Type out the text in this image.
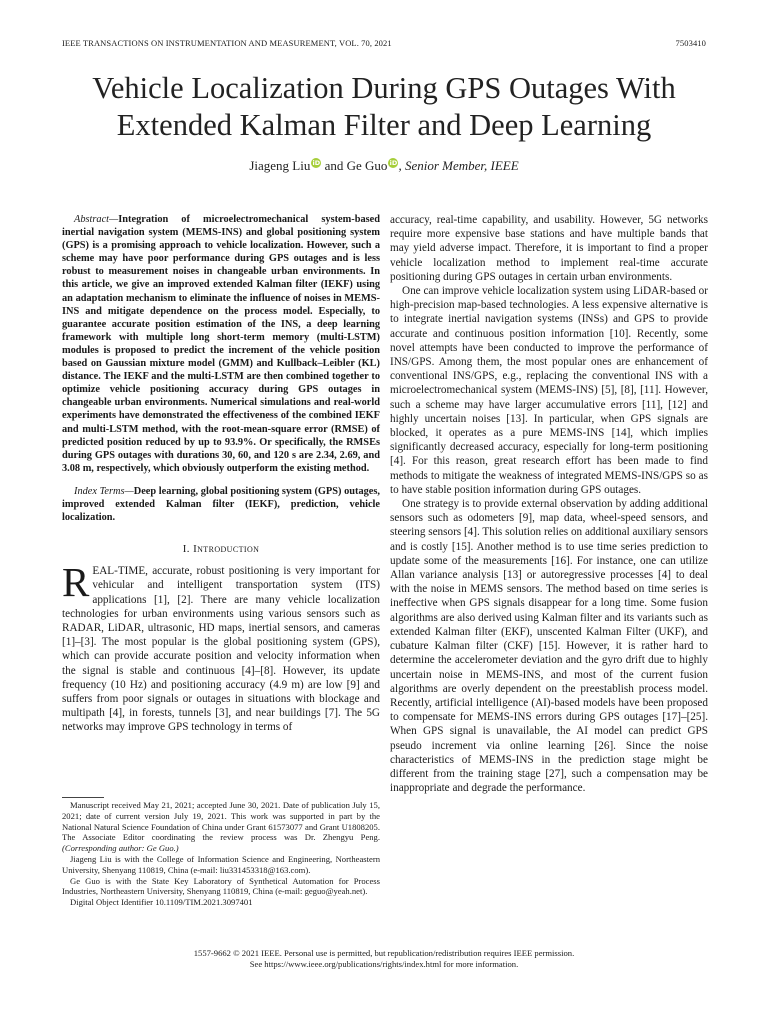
IEEE TRANSACTIONS ON INSTRUMENTATION AND MEASUREMENT, VOL. 70, 2021	7503410
Vehicle Localization During GPS Outages With Extended Kalman Filter and Deep Learning
Jiageng Liu iD and Ge Guo iD, Senior Member, IEEE

Abstract—Integration of microelectromechanical system-based inertial navigation system (MEMS-INS) and global positioning system (GPS) is a promising approach to vehicle localization. However, such a scheme may have poor performance during GPS outages and is less robust to measurement noises in changeable urban environments. In this article, we give an improved extended Kalman filter (IEKF) using an adaptation mechanism to eliminate the influence of noises in MEMS-INS and mitigate dependence on the process model. Especially, to guarantee accurate position estimation of the INS, a deep learning framework with multiple long short-term memory (multi-LSTM) modules is proposed to predict the increment of the vehicle position based on Gaussian mixture model (GMM) and Kullback–Leibler (KL) distance. The IEKF and the multi-LSTM are then combined together to optimize vehicle positioning accuracy during GPS outages in changeable urban environments. Numerical simulations and real-world experiments have demonstrated the effectiveness of the combined IEKF and multi-LSTM method, with the root-mean-square error (RMSE) of predicted position reduced by up to 93.9%. Or specifically, the RMSEs during GPS outages with durations 30, 60, and 120 s are 2.34, 2.69, and 3.08 m, respectively, which obviously outperform the existing method.

Index Terms—Deep learning, global positioning system (GPS) outages, improved extended Kalman filter (IEKF), prediction, vehicle localization.

I. Introduction

REAL-TIME, accurate, robust positioning is very important for vehicular and intelligent transportation system (ITS) applications [1], [2]. There are many vehicle localization technologies for urban environments using various sensors such as RADAR, LiDAR, ultrasonic, HD maps, inertial sensors, and cameras [1]–[3]. The most popular is the global positioning system (GPS), which can provide accurate position and velocity information when the signal is stable and continuous [4]–[8]. However, its update frequency (10 Hz) and positioning accuracy (4.9 m) are low [9] and suffers from poor signals or outages in situations with blockage and multipath [4], in forests, tunnels [3], and near buildings [7]. The 5G networks may improve GPS technology in terms of

Manuscript received May 21, 2021; accepted June 30, 2021. Date of publication July 15, 2021; date of current version July 19, 2021. This work was supported in part by the National Natural Science Foundation of China under Grant 61573077 and Grant U1808205. The Associate Editor coordinating the review process was Dr. Zhengyu Peng. (Corresponding author: Ge Guo.)

Jiageng Liu is with the College of Information Science and Engineering, Northeastern University, Shenyang 110819, China (e-mail: liu331453318@163.com).

Ge Guo is with the State Key Laboratory of Synthetical Automation for Process Industries, Northeastern University, Shenyang 110819, China (e-mail: geguo@yeah.net).

Digital Object Identifier 10.1109/TIM.2021.3097401

accuracy, real-time capability, and usability. However, 5G networks require more expensive base stations and have multiple bands that may yield adverse impact. Therefore, it is important to find a proper vehicle localization method to implement real-time accurate positioning during GPS outages in certain urban environments.

One can improve vehicle localization system using LiDAR-based or high-precision map-based technologies. A less expensive alternative is to integrate inertial navigation systems (INSs) and GPS to provide accurate and continuous position information [10]. Recently, some novel attempts have been conducted to improve the performance of INS/GPS. Among them, the most popular ones are enhancement of conventional INS/GPS, e.g., replacing the conventional INS with a microelectromechanical system (MEMS-INS) [5], [8], [11]. However, such a scheme may have larger accumulative errors [11], [12] and highly uncertain noises [13]. In particular, when GPS signals are blocked, it operates as a pure MEMS-INS [14], which implies significantly decreased accuracy, especially for long-term positioning [4]. For this reason, great research effort has been made to find methods to mitigate the weakness of integrated MEMS-INS/GPS so as to have stable position information during GPS outages.

One strategy is to provide external observation by adding additional sensors such as odometers [9], map data, wheel-speed sensors, and steering sensors [4]. This solution relies on additional auxiliary sensors and is costly [15]. Another method is to use time series prediction to update some of the measurements [16]. For instance, one can utilize Allan variance analysis [13] or autoregressive processes [4] to deal with the noise in MEMS sensors. The method based on time series is ineffective when GPS signals disappear for a long time. Some fusion algorithms are also derived using Kalman filter and its variants such as extended Kalman filter (EKF), unscented Kalman Filter (UKF), and cubature Kalman filter (CKF) [15]. However, it is rather hard to determine the accelerometer deviation and the gyro drift due to highly uncertain noise in MEMS-INS, and most of the current fusion algorithms are overly dependent on the preestablish process model. Recently, artificial intelligence (AI)-based models have been proposed to compensate for MEMS-INS errors during GPS outages [17]–[25]. When GPS signal is unavailable, the AI model can predict GPS pseudo increment via online learning [26]. Since the noise characteristics of MEMS-INS in the prediction stage might be different from the training stage [27], such a compensation may be inappropriate and degrade the performance.

1557-9662 © 2021 IEEE. Personal use is permitted, but republication/redistribution requires IEEE permission.

See https://www.ieee.org/publications/rights/index.html for more information.
